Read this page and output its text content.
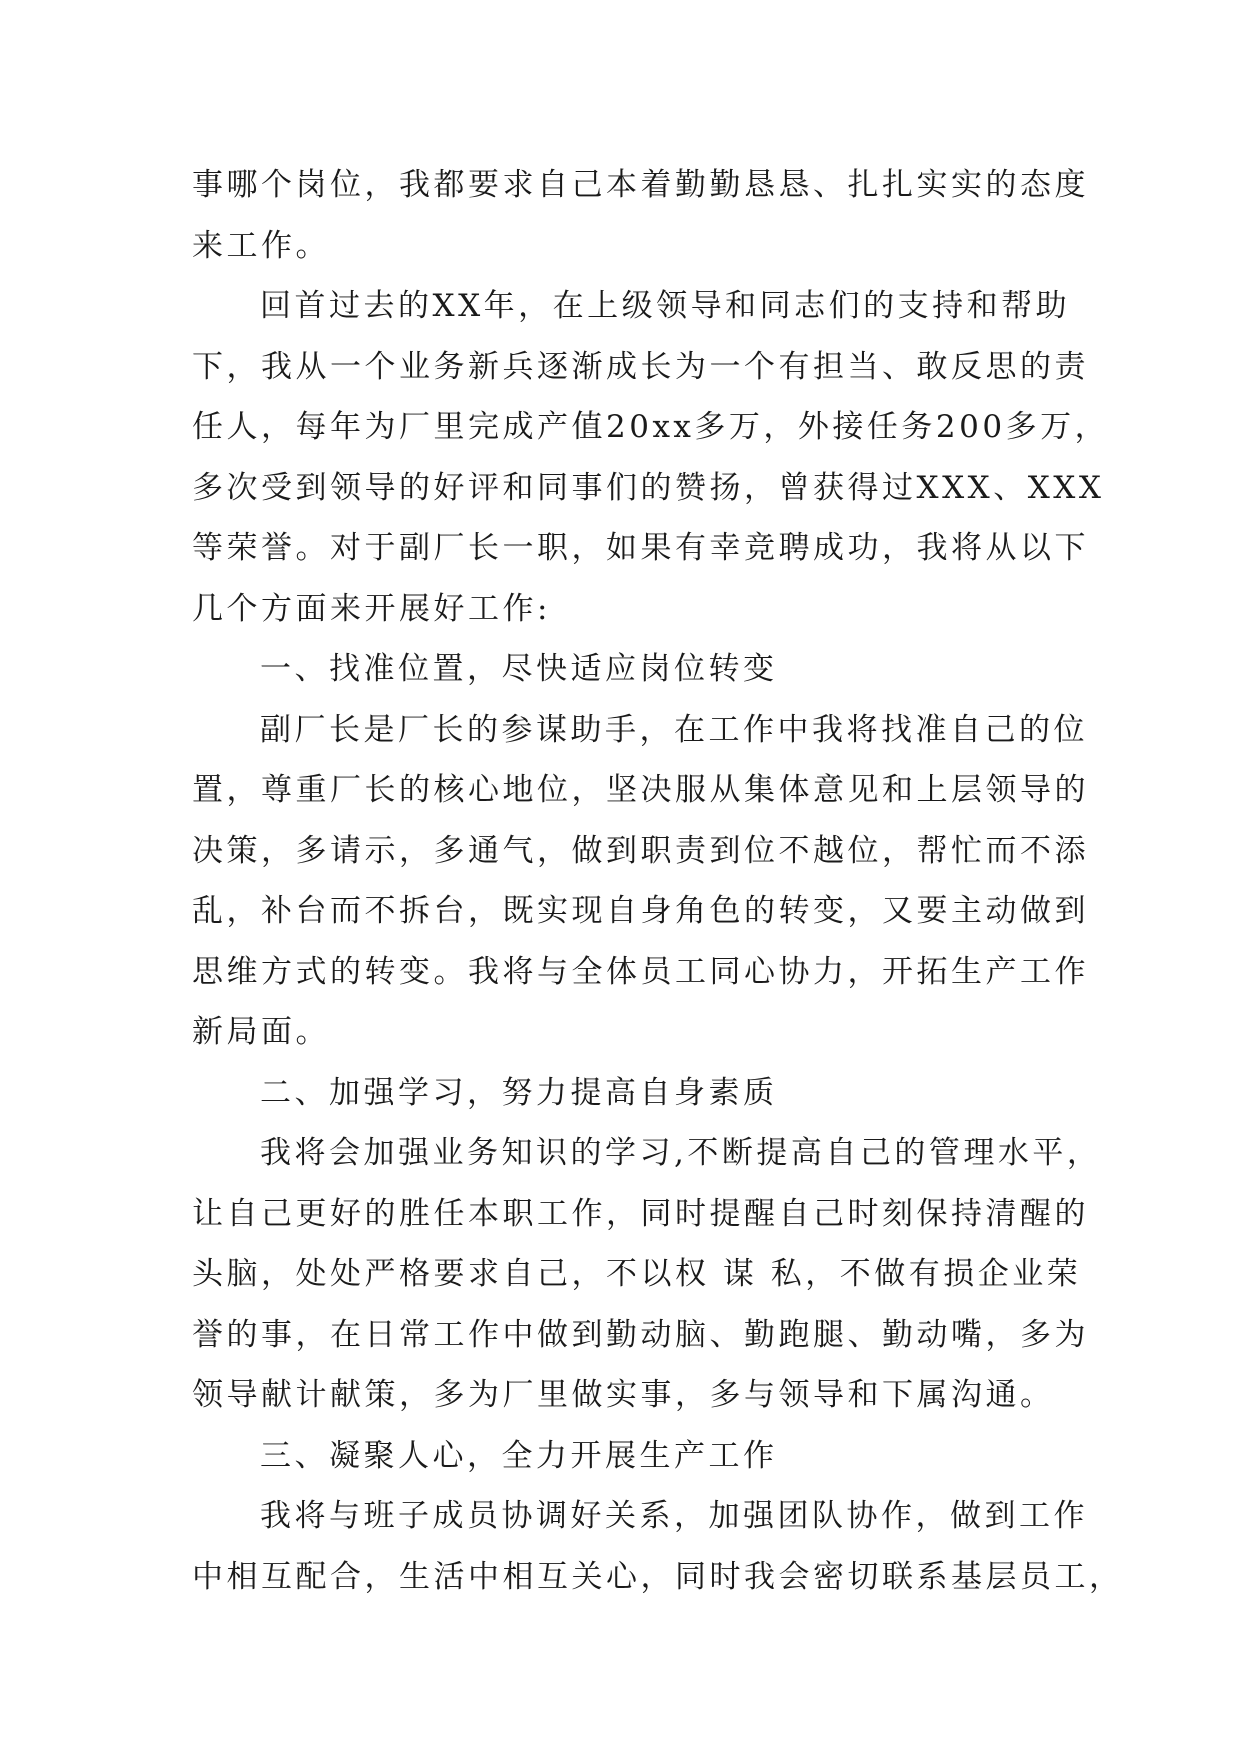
事哪个岗位，我都要求自己本着勤勤恳恳、扎扎实实的态度
来工作。
回首过去的XX年，在上级领导和同志们的支持和帮助
下，我从一个业务新兵逐渐成长为一个有担当、敢反思的责
任人，每年为厂里完成产值20xx多万，外接任务200多万，
多次受到领导的好评和同事们的赞扬，曾获得过XXX、XXX
等荣誉。对于副厂长一职，如果有幸竞聘成功，我将从以下
几个方面来开展好工作:
一、找准位置，尽快适应岗位转变
副厂长是厂长的参谋助手，在工作中我将找准自己的位
置，尊重厂长的核心地位，坚决服从集体意见和上层领导的
决策，多请示，多通气，做到职责到位不越位，帮忙而不添
乱，补台而不拆台，既实现自身角色的转变，又要主动做到
思维方式的转变。我将与全体员工同心协力，开拓生产工作
新局面。
二、加强学习，努力提高自身素质
我将会加强业务知识的学习,不断提高自己的管理水平，
让自己更好的胜任本职工作，同时提醒自己时刻保持清醒的
头脑，处处严格要求自己，不以权 谋 私，不做有损企业荣
誉的事，在日常工作中做到勤动脑、勤跑腿、勤动嘴，多为
领导献计献策，多为厂里做实事，多与领导和下属沟通。
三、凝聚人心，全力开展生产工作
我将与班子成员协调好关系，加强团队协作，做到工作
中相互配合，生活中相互关心，同时我会密切联系基层员工，
